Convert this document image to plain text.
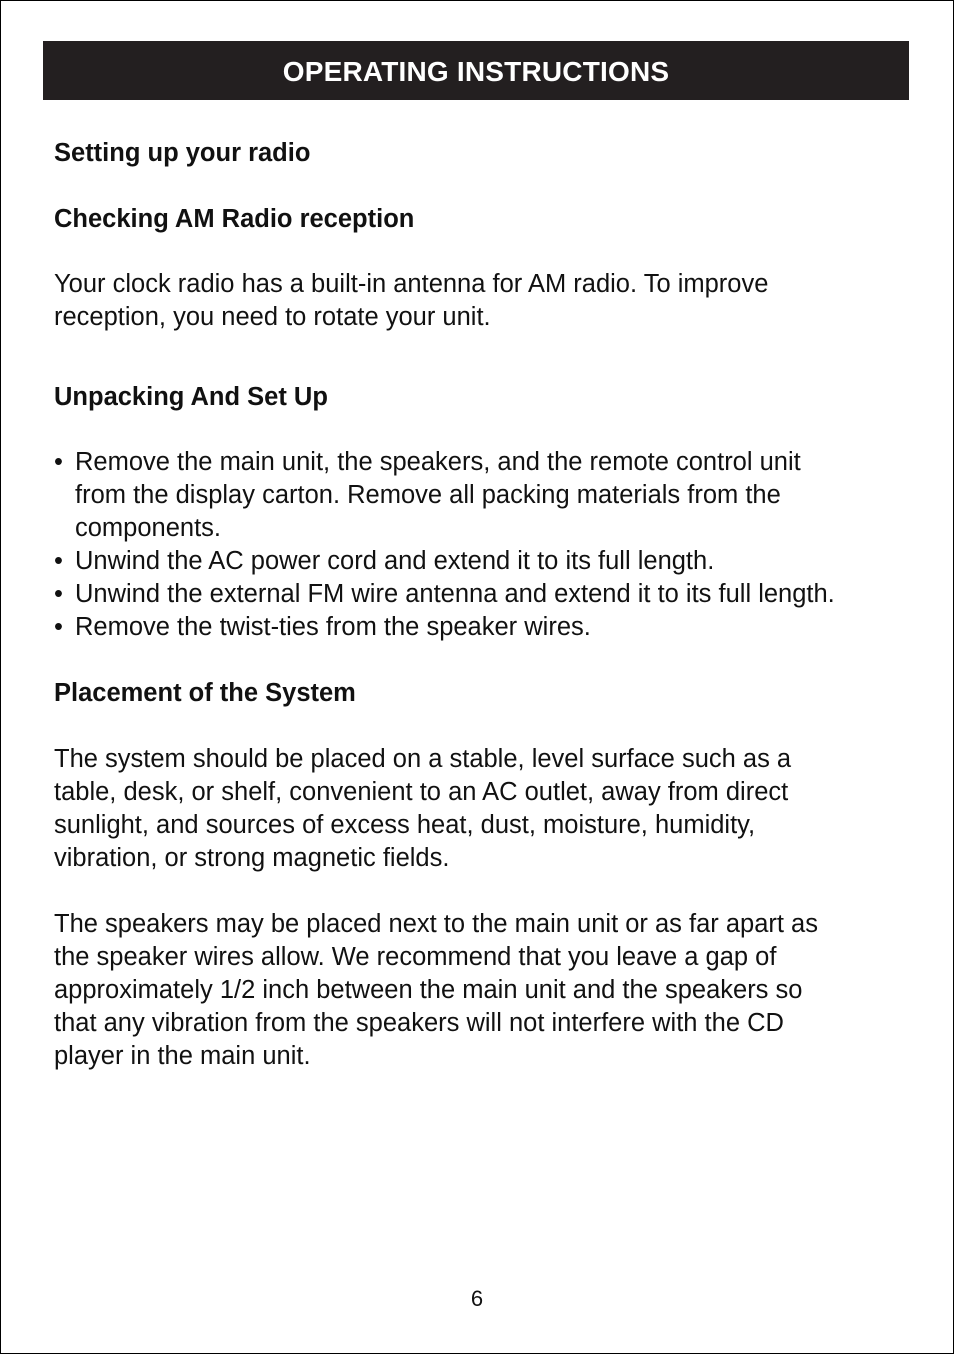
OPERATING INSTRUCTIONS

Setting up your radio

Checking AM Radio reception

Your clock radio has a built-in antenna for AM radio. To improve
reception, you need to rotate your unit.

Unpacking And Set Up

• Remove the main unit, the speakers, and the remote control unit
from the display carton. Remove all packing materials from the
components.
• Unwind the AC power cord and extend it to its full length.
• Unwind the external FM wire antenna and extend it to its full length.
• Remove the twist-ties from the speaker wires.

Placement of the System

The system should be placed on a stable, level surface such as a
table, desk, or shelf, convenient to an AC outlet, away from direct
sunlight, and sources of excess heat, dust, moisture, humidity,
vibration, or strong magnetic fields.

The speakers may be placed next to the main unit or as far apart as
the speaker wires allow. We recommend that you leave a gap of
approximately 1/2 inch between the main unit and the speakers so
that any vibration from the speakers will not interfere with the CD
player in the main unit.

6
